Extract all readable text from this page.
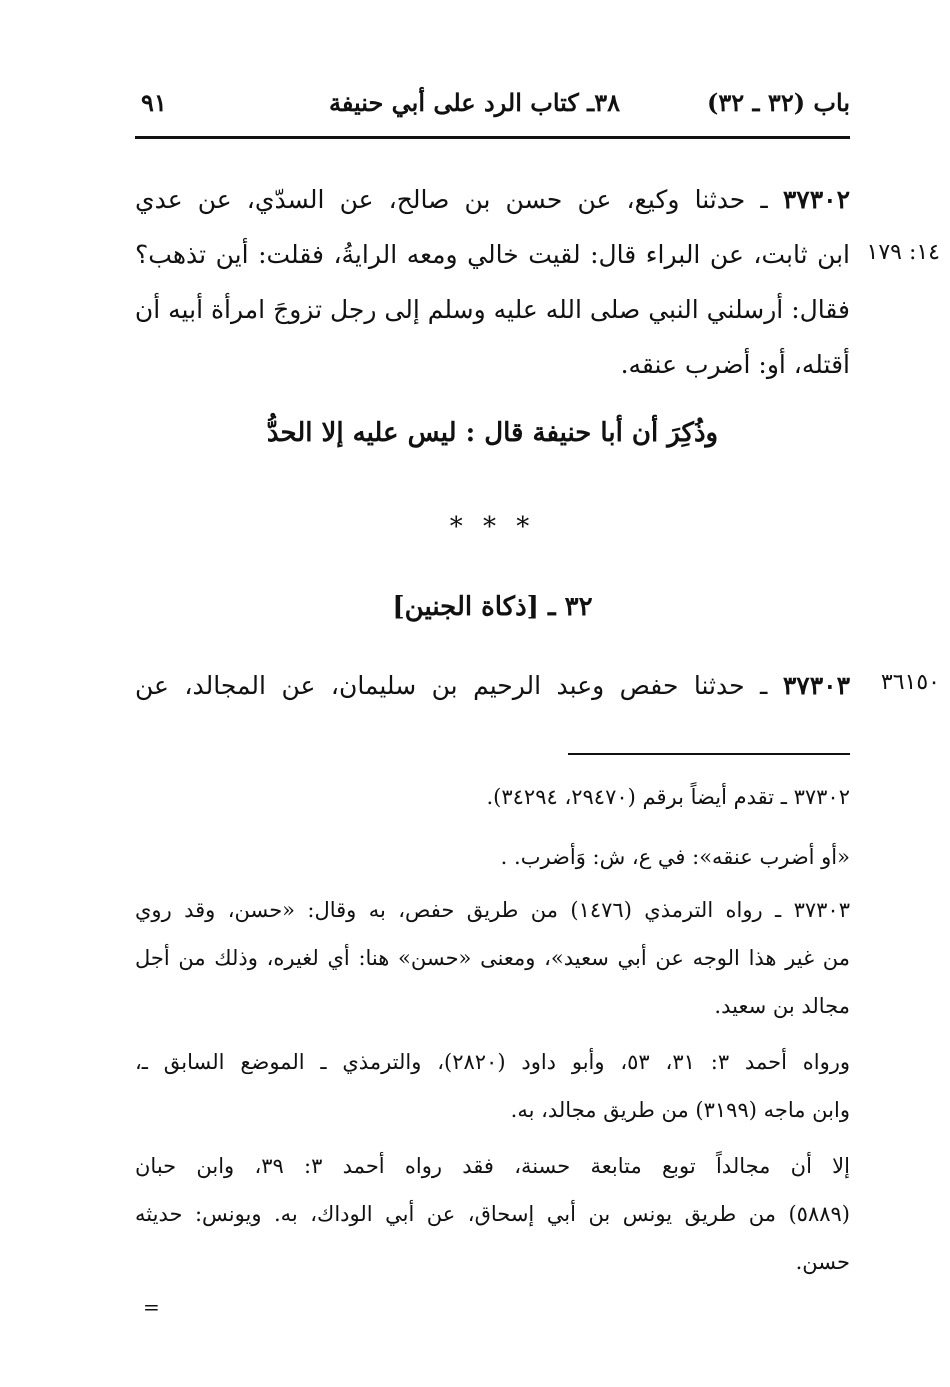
باب (٣٢ ـ ٣٢)
٣٨ـ كتاب الرد على أبي حنيفة
٩١
٣٧٣٠٢ ـ حدثنا وكيع، عن حسن بن صالح، عن السدّي، عن عدي
ابن ثابت، عن البراء قال: لقيت خالي ومعه الرايةُ، فقلت: أين تذهب؟
فقال: أرسلني النبي صلى الله عليه وسلم إلى رجل تزوجَ امرأة أبيه أن
أقتله، أو: أضرب عنقه.
١٤: ١٧٩
وذُكِرَ أن أبا حنيفة قال : ليس عليه إلا الحدُّ
* * *
٣٢ ـ [ذكاة الجنين]
٣٧٣٠٣ ـ حدثنا حفص وعبد الرحيم بن سليمان، عن المجالد، عن	٣٦١٥٠
٣٧٣٠٢ ـ تقدم أيضاً برقم (٢٩٤٧٠، ٣٤٢٩٤).
«أو أضرب عنقه»: في ع، ش: وَأضرب. .
٣٧٣٠٣ ـ رواه الترمذي (١٤٧٦) من طريق حفص، به وقال: «حسن، وقد روي
من غير هذا الوجه عن أبي سعيد»، ومعنى «حسن» هنا: أي لغيره، وذلك من أجل
مجالد بن سعيد.
ورواه أحمد ٣: ٣١، ٥٣، وأبو داود (٢٨٢٠)، والترمذي ـ الموضع السابق ـ،
وابن ماجه (٣١٩٩) من طريق مجالد، به.
إلا أن مجالداً توبع متابعة حسنة، فقد رواه أحمد ٣: ٣٩، وابن حبان
(٥٨٨٩) من طريق يونس بن أبي إسحاق، عن أبي الوداك، به. ويونس: حديثه
حسن.
=
